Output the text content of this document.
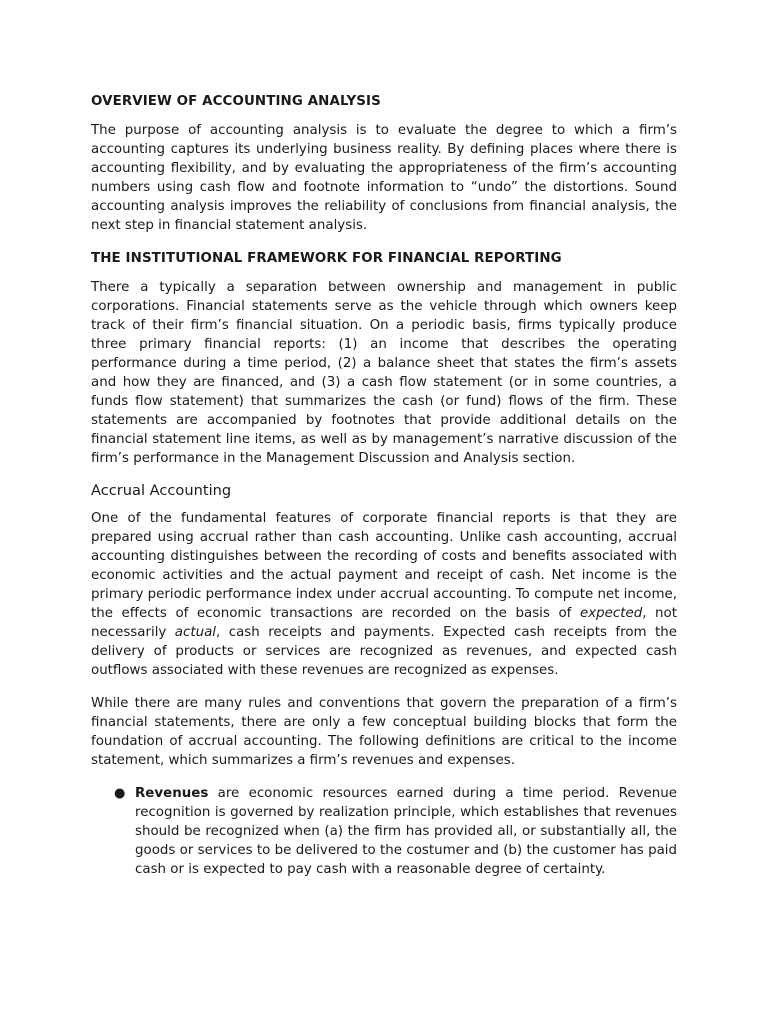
OVERVIEW OF ACCOUNTING ANALYSIS

The purpose of accounting analysis is to evaluate the degree to which a firm’s accounting captures its underlying business reality. By defining places where there is accounting flexibility, and by evaluating the appropriateness of the firm’s accounting numbers using cash flow and footnote information to “undo” the distortions. Sound accounting analysis improves the reliability of conclusions from financial analysis, the next step in financial statement analysis.

THE INSTITUTIONAL FRAMEWORK FOR FINANCIAL REPORTING

There a typically a separation between ownership and management in public corporations. Financial statements serve as the vehicle through which owners keep track of their firm’s financial situation. On a periodic basis, firms typically produce three primary financial reports: (1) an income that describes the operating performance during a time period, (2) a balance sheet that states the firm’s assets and how they are financed, and (3) a cash flow statement (or in some countries, a funds flow statement) that summarizes the cash (or fund) flows of the firm. These statements are accompanied by footnotes that provide additional details on the financial statement line items, as well as by management’s narrative discussion of the firm’s performance in the Management Discussion and Analysis section.

Accrual Accounting

One of the fundamental features of corporate financial reports is that they are prepared using accrual rather than cash accounting. Unlike cash accounting, accrual accounting distinguishes between the recording of costs and benefits associated with economic activities and the actual payment and receipt of cash. Net income is the primary periodic performance index under accrual accounting. To compute net income, the effects of economic transactions are recorded on the basis of expected, not necessarily actual, cash receipts and payments. Expected cash receipts from the delivery of products or services are recognized as revenues, and expected cash outflows associated with these revenues are recognized as expenses.

While there are many rules and conventions that govern the preparation of a firm’s financial statements, there are only a few conceptual building blocks that form the foundation of accrual accounting. The following definitions are critical to the income statement, which summarizes a firm’s revenues and expenses.

● Revenues are economic resources earned during a time period. Revenue recognition is governed by realization principle, which establishes that revenues should be recognized when (a) the firm has provided all, or substantially all, the goods or services to be delivered to the costumer and (b) the customer has paid cash or is expected to pay cash with a reasonable degree of certainty.
